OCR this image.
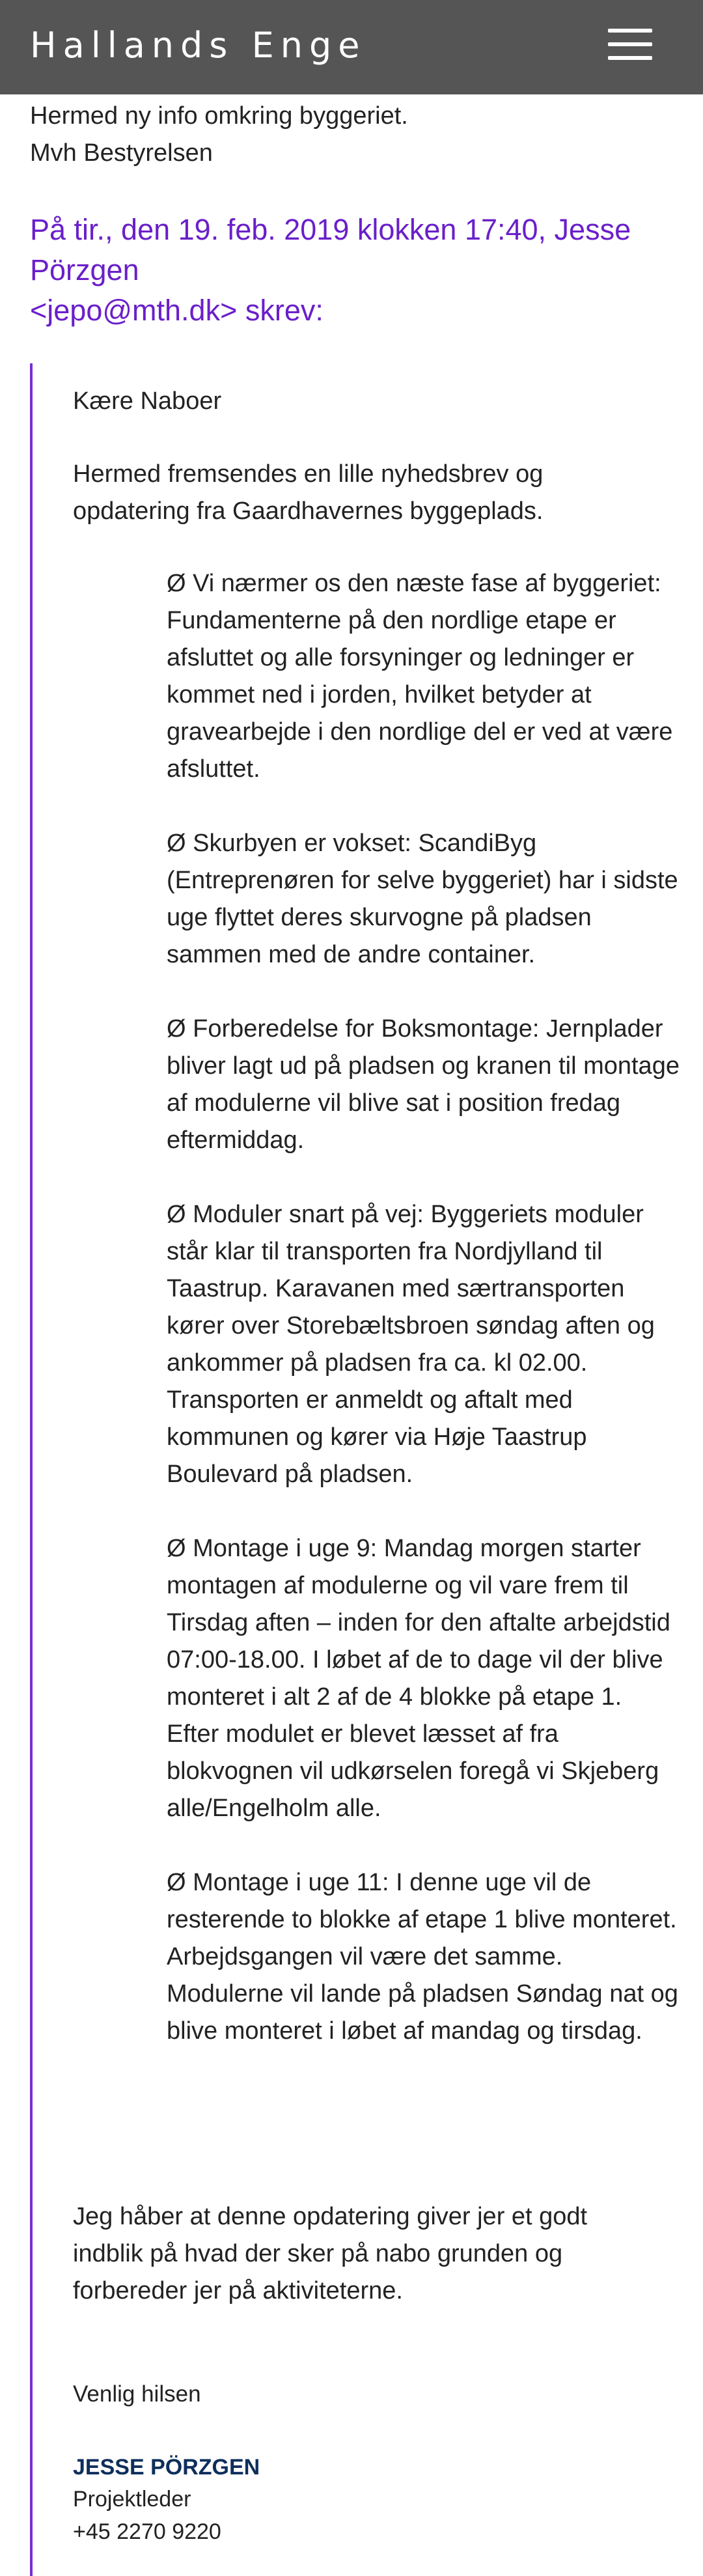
Hallands Enge
Hermed ny info omkring byggeriet.
Mvh Bestyrelsen
På tir., den 19. feb. 2019 klokken 17:40, Jesse
Pörzgen
<jepo@mth.dk> skrev:
Kære Naboer
Hermed fremsendes en lille nyhedsbrev og opdatering fra Gaardhavernes byggeplads.
Ø Vi nærmer os den næste fase af byggeriet: Fundamenterne på den nordlige etape er afsluttet og alle forsyninger og ledninger er kommet ned i jorden, hvilket betyder at gravearbejde i den nordlige del er ved at være afsluttet.
Ø Skurbyen er vokset: ScandiByg (Entreprenøren for selve byggeriet) har i sidste uge flyttet deres skurvogne på pladsen sammen med de andre container.
Ø Forberedelse for Boksmontage: Jernplader bliver lagt ud på pladsen og kranen til montage af modulerne vil blive sat i position fredag eftermiddag.
Ø Moduler snart på vej: Byggeriets moduler står klar til transporten fra Nordjylland til Taastrup. Karavanen med særtransporten kører over Storebæltsbroen søndag aften og ankommer på pladsen fra ca. kl 02.00. Transporten er anmeldt og aftalt med kommunen og kører via Høje Taastrup Boulevard på pladsen.
Ø Montage i uge 9: Mandag morgen starter montagen af modulerne og vil vare frem til Tirsdag aften – inden for den aftalte arbejdstid 07:00-18.00. I løbet af de to dage vil der blive monteret i alt 2 af de 4 blokke på etape 1.
Efter modulet er blevet læsset af fra blokvognen vil udkørselen foregå vi Skjeberg alle/Engelholm alle.
Ø Montage i uge 11: I denne uge vil de resterende to blokke af etape 1 blive monteret. Arbejdsgangen vil være det samme. Modulerne vil lande på pladsen Søndag nat og blive monteret i løbet af mandag og tirsdag.
Jeg håber at denne opdatering giver jer et godt indblik på hvad der sker på nabo grunden og forbereder jer på aktiviteterne.
Venlig hilsen
JESSE PÖRZGEN
Projektleder
+45 2270 9220
